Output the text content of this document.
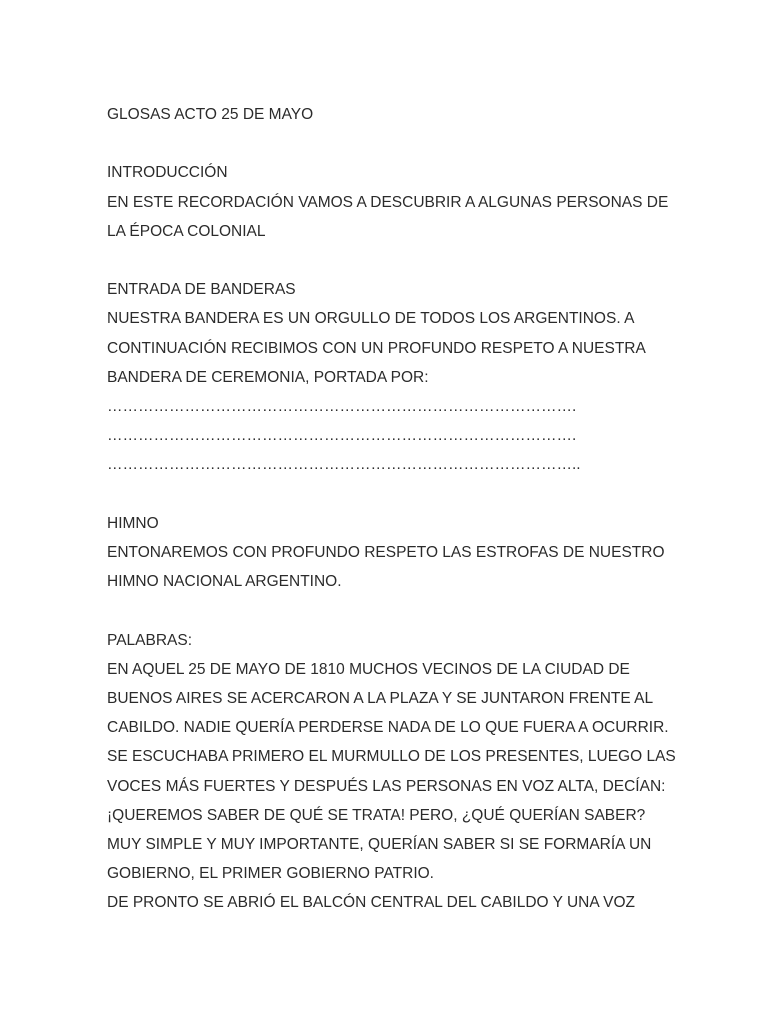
GLOSAS ACTO 25 DE MAYO
INTRODUCCIÓN
EN ESTE RECORDACIÓN VAMOS A DESCUBRIR A ALGUNAS PERSONAS DE
LA ÉPOCA COLONIAL
ENTRADA DE BANDERAS
NUESTRA BANDERA ES UN ORGULLO DE TODOS LOS ARGENTINOS. A
CONTINUACIÓN RECIBIMOS CON UN PROFUNDO RESPETO A NUESTRA
BANDERA DE CEREMONIA, PORTADA POR:
……………………………………………………………………………….
……………………………………………………………………………….
………………………………………………………………………………..
HIMNO
ENTONAREMOS CON PROFUNDO RESPETO LAS ESTROFAS DE NUESTRO
HIMNO NACIONAL ARGENTINO.
PALABRAS:
EN AQUEL 25 DE MAYO DE 1810 MUCHOS VECINOS DE LA CIUDAD DE
BUENOS AIRES SE ACERCARON A LA PLAZA Y SE JUNTARON FRENTE AL
CABILDO. NADIE QUERÍA PERDERSE NADA DE LO QUE FUERA A OCURRIR.
SE ESCUCHABA PRIMERO EL MURMULLO DE LOS PRESENTES, LUEGO LAS
VOCES MÁS FUERTES Y DESPUÉS LAS PERSONAS EN VOZ ALTA, DECÍAN:
¡QUEREMOS SABER DE QUÉ SE TRATA! PERO, ¿QUÉ QUERÍAN SABER?
MUY SIMPLE Y MUY IMPORTANTE, QUERÍAN SABER SI SE FORMARÍA UN
GOBIERNO, EL PRIMER GOBIERNO PATRIO.
DE PRONTO SE ABRIÓ EL BALCÓN CENTRAL DEL CABILDO Y UNA VOZ
